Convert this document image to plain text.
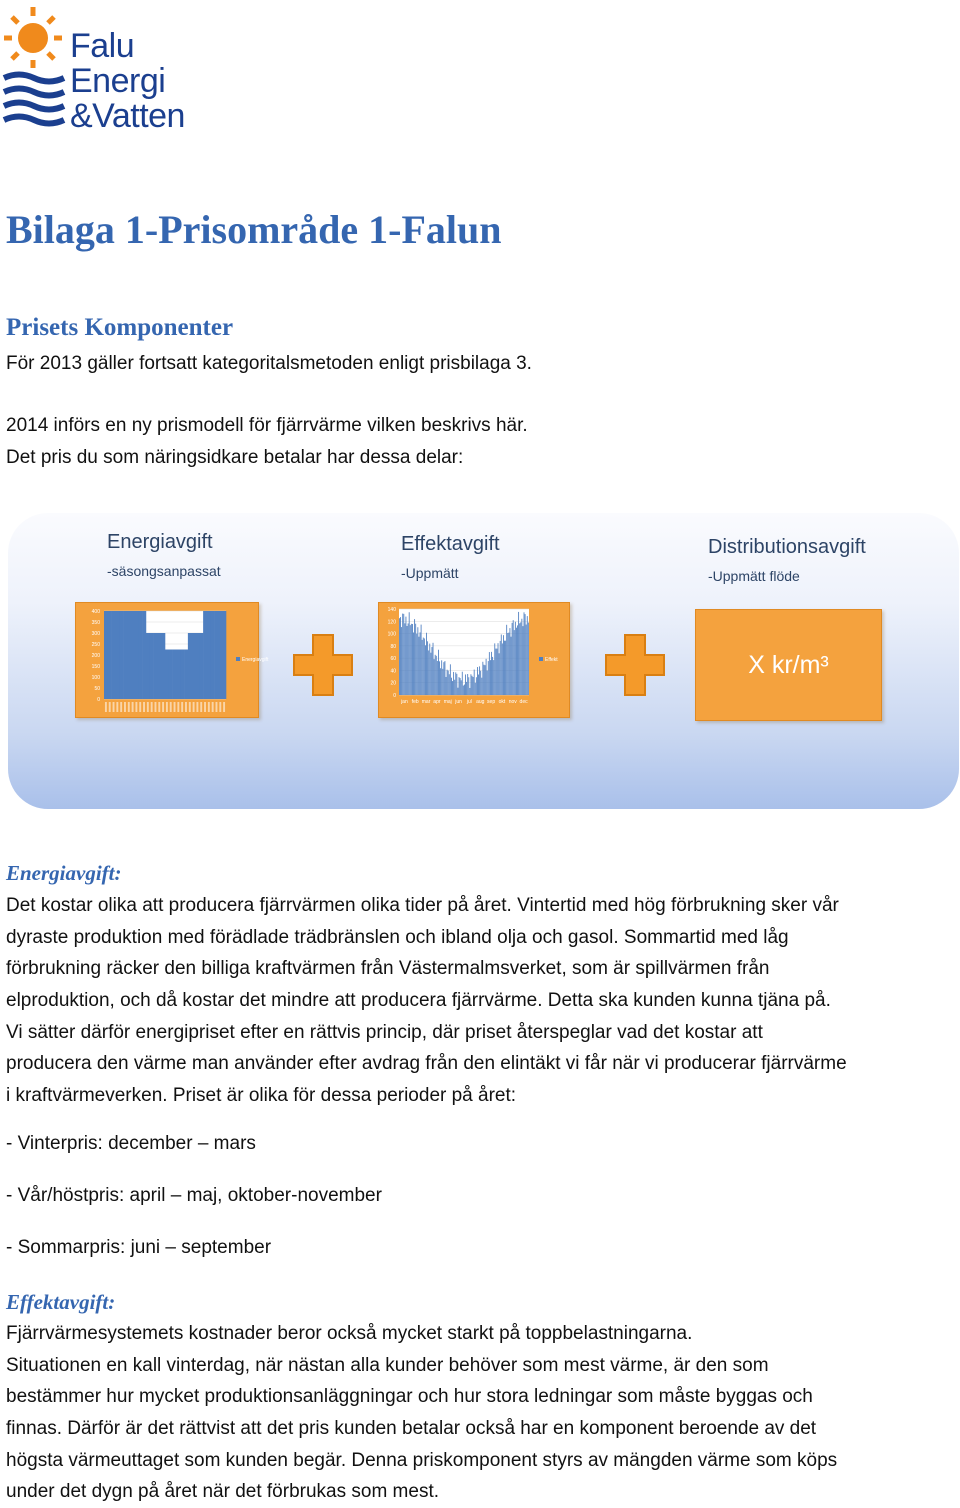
Falu
Energi
&Vatten
Bilaga 1-Prisområde 1-Falun
Prisets Komponenter
För 2013 gäller fortsatt kategoritalsmetoden enligt prisbilaga 3.
2014 införs en ny prismodell för fjärrvärme vilken beskrivs här.
Det pris du som näringsidkare betalar har dessa delar:
Energiavgift
-säsongsanpassat
Effektavgift
-Uppmätt
Distributionsavgift
-Uppmätt flöde
0
50
100
150
200
250
300
350
400
Energiavgift
0
20
40
60
80
100
120
140
jan feb mar apr maj jun jul aug sep okt nov dec
Effekt	X kr/m³
Energiavgift:
Det kostar olika att producera fjärrvärmen olika tider på året. Vintertid med hög förbrukning sker vår
dyraste produktion med förädlade trädbränslen och ibland olja och gasol. Sommartid med låg
förbrukning räcker den billiga kraftvärmen från Västermalmsverket, som är spillvärmen från
elproduktion, och då kostar det mindre att producera fjärrvärme. Detta ska kunden kunna tjäna på.
Vi sätter därför energipriset efter en rättvis princip, där priset återspeglar vad det kostar att
producera den värme man använder efter avdrag från den elintäkt vi får när vi producerar fjärrvärme
i kraftvärmeverken. Priset är olika för dessa perioder på året:
- Vinterpris: december – mars
- Vår/höstpris: april – maj, oktober-november
- Sommarpris: juni – september
Effektavgift:
Fjärrvärmesystemets kostnader beror också mycket starkt på toppbelastningarna.
Situationen en kall vinterdag, när nästan alla kunder behöver som mest värme, är den som
bestämmer hur mycket produktionsanläggningar och hur stora ledningar som måste byggas och
finnas. Därför är det rättvist att det pris kunden betalar också har en komponent beroende av det
högsta värmeuttaget som kunden begär. Denna priskomponent styrs av mängden värme som köps
under det dygn på året när det förbrukas som mest.
